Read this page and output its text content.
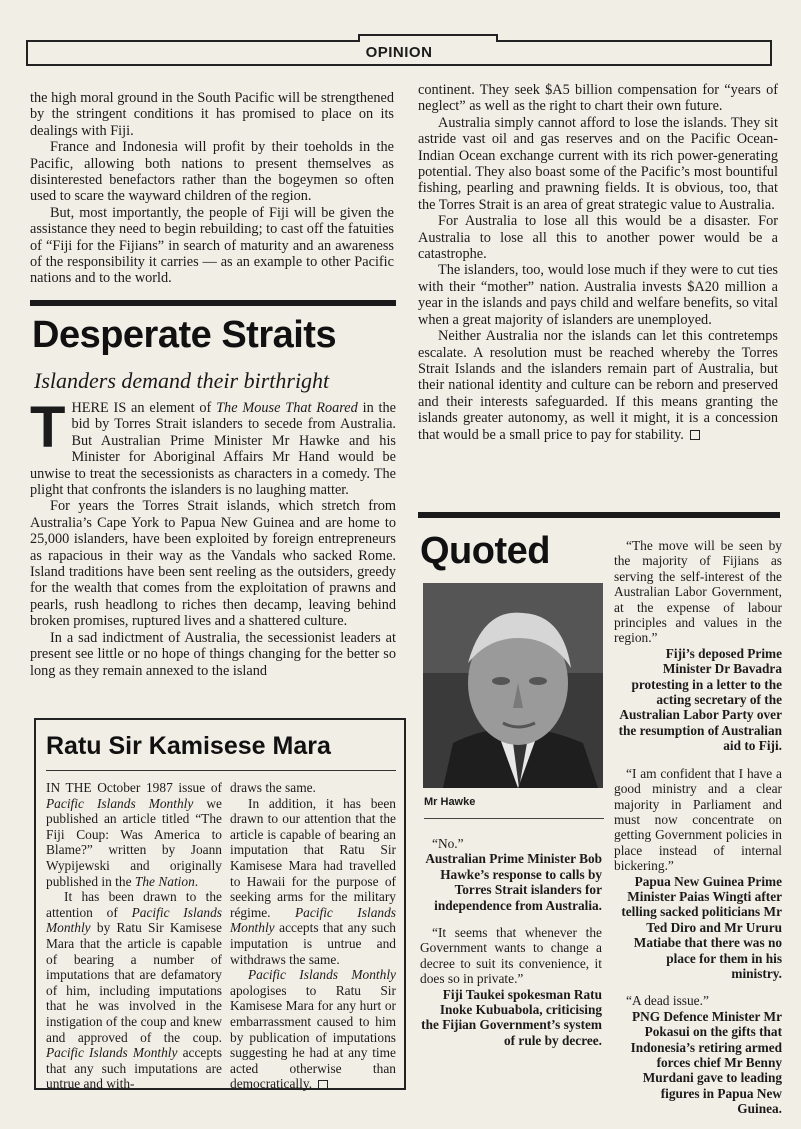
OPINION

the high moral ground in the South Pacific will be strengthened by the stringent conditions it has promised to place on its dealings with Fiji.

France and Indonesia will profit by their toeholds in the Pacific, allowing both nations to present themselves as disinterested benefactors rather than the bogeymen so often used to scare the wayward children of the region.

But, most importantly, the people of Fiji will be given the assistance they need to begin rebuilding; to cast off the fatuities of “Fiji for the Fijians” in search of maturity and an awareness of the responsibility it carries — as an example to other Pacific nations and to the world.

Desperate Straits

Islanders demand their birthright

THERE IS an element of The Mouse That Roared in the bid by Torres Strait islanders to secede from Australia. But Australian Prime Minister Mr Hawke and his Minister for Aboriginal Affairs Mr Hand would be unwise to treat the secessionists as characters in a comedy. The plight that confronts the islanders is no laughing matter.

For years the Torres Strait islands, which stretch from Australia’s Cape York to Papua New Guinea and are home to 25,000 islanders, have been exploited by foreign entrepreneurs as rapacious in their way as the Vandals who sacked Rome. Island traditions have been sent reeling as the outsiders, greedy for the wealth that comes from the exploitation of prawns and pearls, rush headlong to riches then decamp, leaving behind broken promises, ruptured lives and a shattered culture.

In a sad indictment of Australia, the secessionist leaders at present see little or no hope of things changing for the better so long as they remain annexed to the island

continent. They seek $A5 billion compensation for “years of neglect” as well as the right to chart their own future.

Australia simply cannot afford to lose the islands. They sit astride vast oil and gas reserves and on the Pacific Ocean-Indian Ocean exchange current with its rich power-generating potential. They also boast some of the Pacific’s most bountiful fishing, pearling and prawning fields. It is obvious, too, that the Torres Strait is an area of great strategic value to Australia.

For Australia to lose all this would be a disaster. For Australia to lose all this to another power would be a catastrophe.

The islanders, too, would lose much if they were to cut ties with their “mother” nation. Australia invests $A20 million a year in the islands and pays child and welfare benefits, so vital when a great majority of islanders are unemployed.

Neither Australia nor the islands can let this contretemps escalate. A resolution must be reached whereby the Torres Strait Islands and the islanders remain part of Australia, but their national identity and culture can be reborn and preserved and their interests safeguarded. If this means granting the islands greater autonomy, as well it might, it is a concession that would be a small price to pay for stability.

Ratu Sir Kamisese Mara

IN THE October 1987 issue of Pacific Islands Monthly we published an article titled “The Fiji Coup: Was America to Blame?” written by Joann Wypijewski and originally published in the The Nation.

It has been drawn to the attention of Pacific Islands Monthly by Ratu Sir Kamisese Mara that the article is capable of bearing a number of imputations that are defamatory of him, including imputations that he was involved in the instigation of the coup and knew and approved of the coup. Pacific Islands Monthly accepts that any such imputations are untrue and with-

draws the same.

In addition, it has been drawn to our attention that the article is capable of bearing an imputation that Ratu Sir Kamisese Mara had travelled to Hawaii for the purpose of seeking arms for the military régime. Pacific Islands Monthly accepts that any such imputation is untrue and withdraws the same.

Pacific Islands Monthly apologises to Ratu Sir Kamisese Mara for any hurt or embarrassment caused to him by publication of imputations suggesting he had at any time acted otherwise than democratically.

Quoted
Mr Hawke

“No.”

Australian Prime Minister Bob Hawke’s response to calls by Torres Strait islanders for independence from Australia.

“It seems that whenever the Government wants to change a decree to suit its convenience, it does so in private.”

Fiji Taukei spokesman Ratu Inoke Kubuabola, criticising the Fijian Government’s system of rule by decree.

“The move will be seen by the majority of Fijians as serving the self-interest of the Australian Labor Government, at the expense of labour principles and values in the region.”

Fiji’s deposed Prime Minister Dr Bavadra protesting in a letter to the acting secretary of the Australian Labor Party over the resumption of Australian aid to Fiji.

“I am confident that I have a good ministry and a clear majority in Parliament and must now concentrate on getting Government policies in place instead of internal bickering.”

Papua New Guinea Prime Minister Paias Wingti after telling sacked politicians Mr Ted Diro and Mr Ururu Matiabe that there was no place for them in his ministry.

“A dead issue.”

PNG Defence Minister Mr Pokasui on the gifts that Indonesia’s retiring armed forces chief Mr Benny Murdani gave to leading figures in Papua New Guinea.
